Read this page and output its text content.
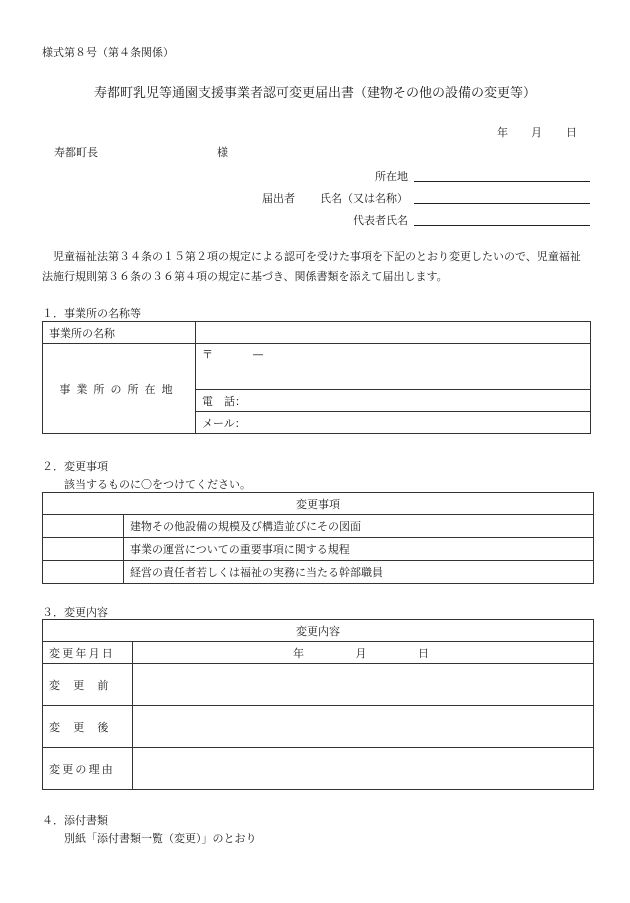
様式第８号（第４条関係）
寿都町乳児等通園支援事業者認可変更届出書（建物その他の設備の変更等）
年 月 日
寿都町長	様
所在地
届出者 氏名（又は名称）
代表者氏名
児童福祉法第３４条の１５第２項の規定による認可を受けた事項を下記のとおり変更したいので、児童福祉法施行規則第３６条の３６第４項の規定に基づき、関係書類を添えて届出します。
１．事業所の名称等
事業所の名称	
事業所の所在地	〒 —
	電　話：
	メール：
２．変更事項
該当するものに〇をつけてください。
変更事項	
	建物その他設備の規模及び構造並びにその図面
	事業の運営についての重要事項に関する規程
	経営の責任者若しくは福祉の実務に当たる幹部職員
３．変更内容
変更内容	
変更年月日	年 月 日
変更前	
変更後	
変更の理由	
４．添付書類
別紙「添付書類一覧（変更）」のとおり
